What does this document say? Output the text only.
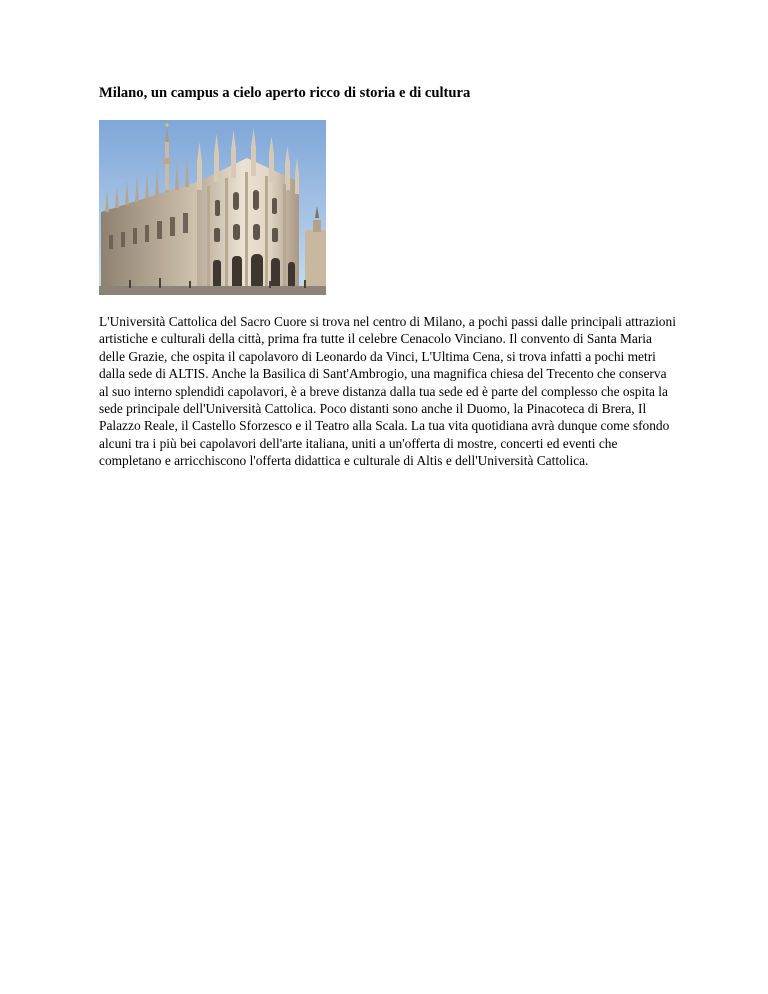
Milano, un campus a cielo aperto ricco di storia e di cultura

L'Università Cattolica del Sacro Cuore si trova nel centro di Milano, a pochi passi dalle principali attrazioni artistiche e culturali della città, prima fra tutte il celebre Cenacolo Vinciano. Il convento di Santa Maria delle Grazie, che ospita il capolavoro di Leonardo da Vinci, L'Ultima Cena, si trova infatti a pochi metri dalla sede di ALTIS. Anche la Basilica di Sant'Ambrogio, una magnifica chiesa del Trecento che conserva al suo interno splendidi capolavori, è a breve distanza dalla tua sede ed è parte del complesso che ospita la sede principale dell'Università Cattolica. Poco distanti sono anche il Duomo, la Pinacoteca di Brera, Il Palazzo Reale, il Castello Sforzesco e il Teatro alla Scala. La tua vita quotidiana avrà dunque come sfondo alcuni tra i più bei capolavori dell'arte italiana, uniti a un'offerta di mostre, concerti ed eventi che completano e arricchiscono l'offerta didattica e culturale di Altis e dell'Università Cattolica.
